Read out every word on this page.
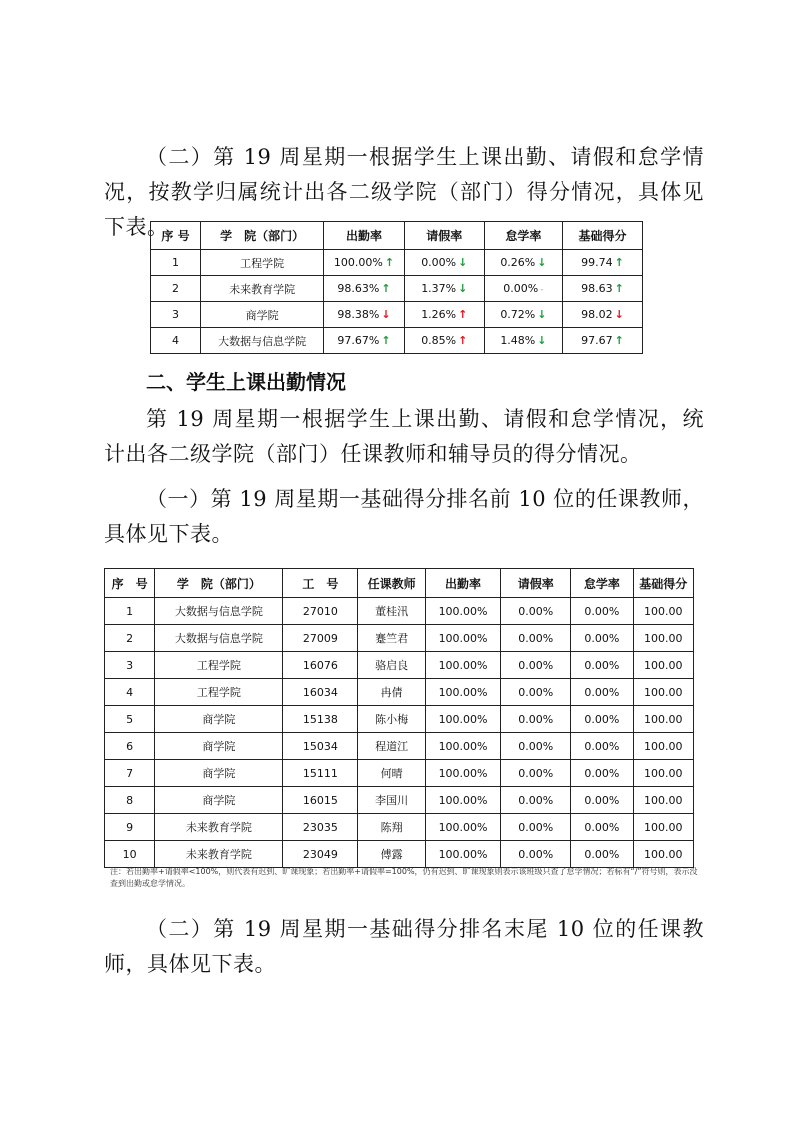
（二）第 19 周星期一根据学生上课出勤、请假和怠学情况，按教学归属统计出各二级学院（部门）得分情况，具体见下表。

序 号	学　院（部门）	出勤率	请假率	怠学率	基础得分
1	工程学院	100.00% ↑	0.00% ↓	0.26% ↓	99.74 ↑
2	未来教育学院	98.63% ↑	1.37% ↓	0.00% -	98.63 ↑
3	商学院	98.38% ↓	1.26% ↑	0.72% ↓	98.02 ↓
4	大数据与信息学院	97.67% ↑	0.85% ↑	1.48% ↓	97.67 ↑

二、学生上课出勤情况

第 19 周星期一根据学生上课出勤、请假和怠学情况，统计出各二级学院（部门）任课教师和辅导员的得分情况。

（一）第 19 周星期一基础得分排名前 10 位的任课教师，具体见下表。

序　号	学　院（部门）	工　号	任课教师	出勤率	请假率	怠学率	基础得分
1	大数据与信息学院	27010	董桂汛	100.00%	0.00%	0.00%	100.00
2	大数据与信息学院	27009	蹇竺君	100.00%	0.00%	0.00%	100.00
3	工程学院	16076	骆启良	100.00%	0.00%	0.00%	100.00
4	工程学院	16034	冉倩	100.00%	0.00%	0.00%	100.00
5	商学院	15138	陈小梅	100.00%	0.00%	0.00%	100.00
6	商学院	15034	程道江	100.00%	0.00%	0.00%	100.00
7	商学院	15111	何晴	100.00%	0.00%	0.00%	100.00
8	商学院	16015	李国川	100.00%	0.00%	0.00%	100.00
9	未来教育学院	23035	陈翔	100.00%	0.00%	0.00%	100.00
10	未来教育学院	23049	傅露	100.00%	0.00%	0.00%	100.00

注：若出勤率+请假率<100%，则代表有迟到、旷课现象；若出勤率+请假率=100%，仍有迟到、旷课现象则表示该班级只查了怠学情况；若标有“/”符号则，表示没查到出勤或怠学情况。

（二）第 19 周星期一基础得分排名末尾 10 位的任课教师，具体见下表。
